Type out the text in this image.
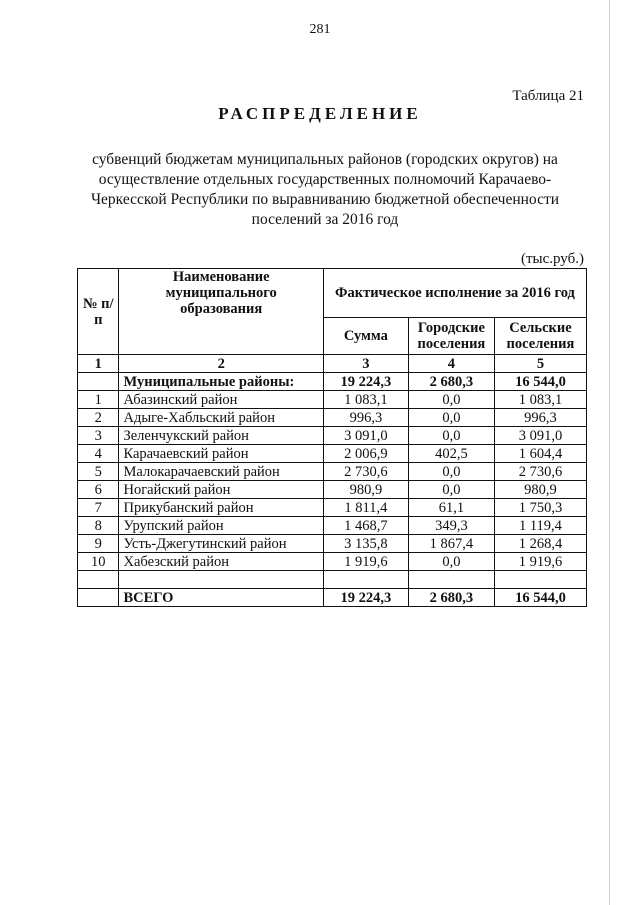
281
Таблица 21
РАСПРЕДЕЛЕНИЕ
субвенций бюджетам муниципальных районов (городских округов) на
осуществление отдельных государственных полномочий Карачаево-
Черкесской Республики по выравниванию бюджетной обеспеченности
поселений за 2016 год
(тыс.руб.)
№ п/п	Наименование муниципального образования	Фактическое исполнение за 2016 год		
		Сумма	Городские поселения	Сельские поселения
1	2	3	4	5
	Муниципальные районы:	19 224,3	2 680,3	16 544,0
1	Абазинский район	1 083,1	0,0	1 083,1
2	Адыге-Хабльский район	996,3	0,0	996,3
3	Зеленчукский район	3 091,0	0,0	3 091,0
4	Карачаевский район	2 006,9	402,5	1 604,4
5	Малокарачаевский район	2 730,6	0,0	2 730,6
6	Ногайский район	980,9	0,0	980,9
7	Прикубанский район	1 811,4	61,1	1 750,3
8	Урупский район	1 468,7	349,3	1 119,4
9	Усть-Джегутинский район	3 135,8	1 867,4	1 268,4
10	Хабезский район	1 919,6	0,0	1 919,6

	ВСЕГО	19 224,3	2 680,3	16 544,0
